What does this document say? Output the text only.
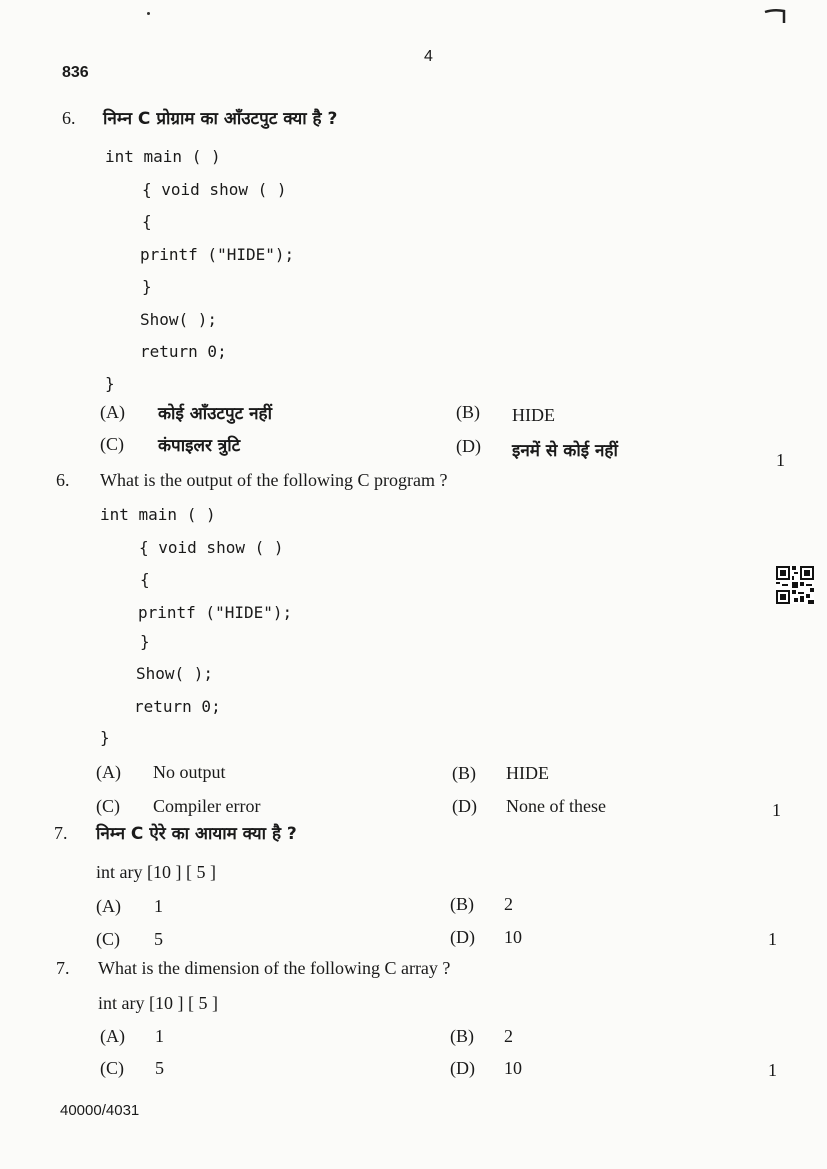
4
836
6. निम्न C प्रोग्राम का आँउटपुट क्या है ?
int main ( )
{ void show ( )
{
printf ("HIDE");
}
Show( );
return 0;
}
(A) कोई आँउटपुट नहीं	(B) HIDE
(C) कंपाइलर त्रुटि	(D) इनमें से कोई नहीं	1
6. What is the output of the following C program ?
int main ( )
{ void show ( )
{
printf ("HIDE");
}
Show( );
return 0;
}
(A) No output	(B) HIDE
(C) Compiler error	(D) None of these	1
7. निम्न C ऐरे का आयाम क्या है ?
int ary [10 ] [ 5 ]
(A) 1	(B) 2
(C) 5	(D) 10	1
7. What is the dimension of the following C array ?
int ary [10 ] [ 5 ]
(A) 1	(B) 2
(C) 5	(D) 10	1
40000/4031
